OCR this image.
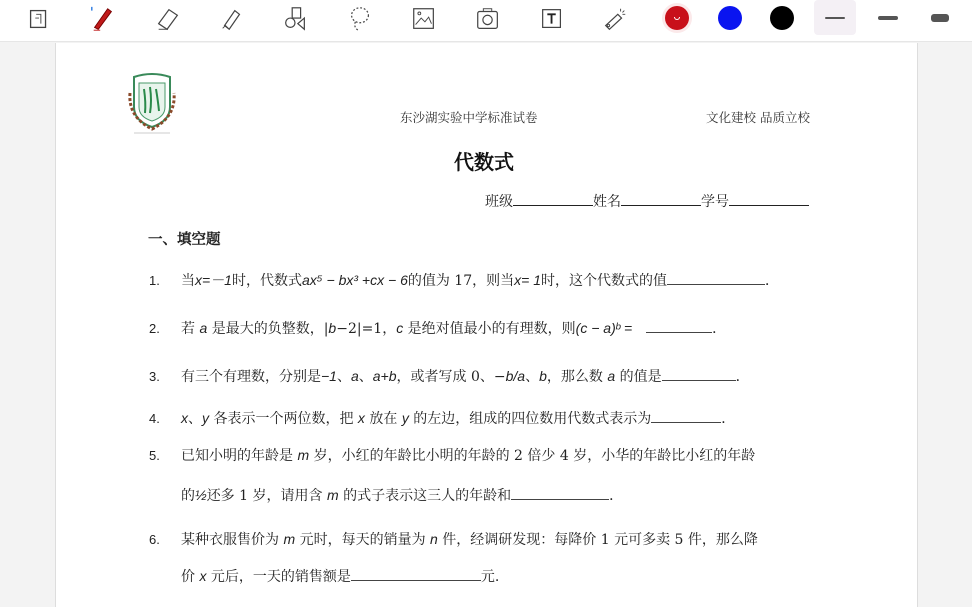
东沙湖实验中学标准试卷	文化建校 品质立校
代数式
班级	姓名	学号
一、填空题
1. 当x=－1时，代数式ax⁵ − bx³ +cx − 6的值为 17，则当x= 1时，这个代数式的值	．
2. 若 a 是最大的负整数，|b−2|=1，c 是绝对值最小的有理数，则(c − a)ᵇ =　	．
3. 有三个有理数，分别是−1、a、a+b，或者写成 0、−b/a、b，那么数 a 的值是	．
4. x、y 各表示一个两位数，把 x 放在 y 的左边，组成的四位数用代数式表示为	．
5. 已知小明的年龄是 m 岁，小红的年龄比小明的年龄的 2 倍少 4 岁，小华的年龄比小红的年龄
的½还多 1 岁，请用含 m 的式子表示这三人的年龄和	．
6. 某种衣服售价为 m 元时，每天的销量为 n 件，经调研发现：每降价 1 元可多卖 5 件，那么降
价 x 元后，一天的销售额是	元.
